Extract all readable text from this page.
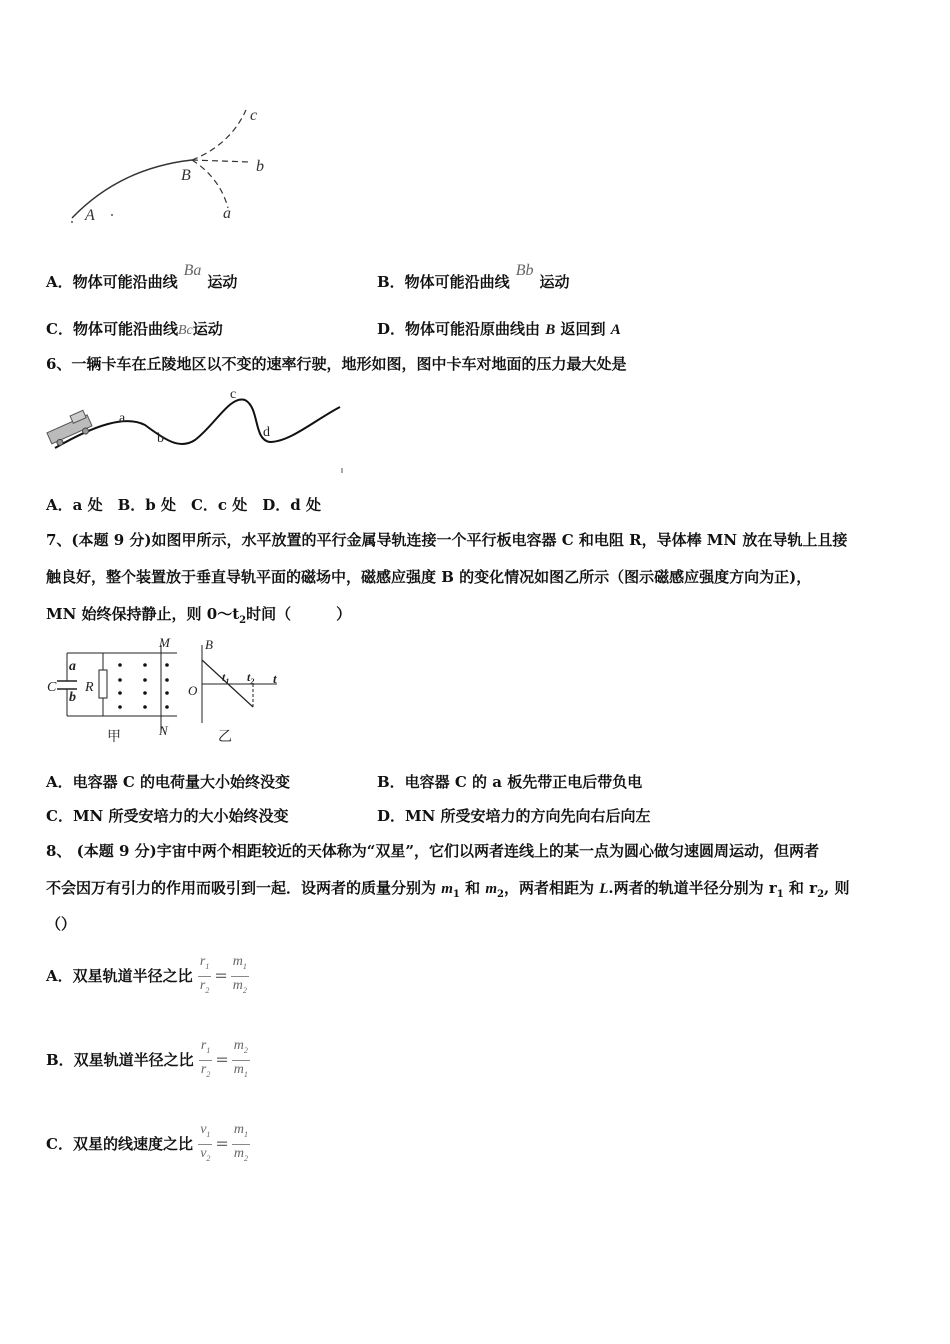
c
b
B
a
A
A．物体可能沿曲线Ba运动	B．物体可能沿曲线Bb运动
C．物体可能沿曲线Bc运动	D．物体可能沿原曲线由 B 返回到 A
6、一辆卡车在丘陵地区以不变的速率行驶，地形如图，图中卡车对地面的压力最大处是
a
b
c
d
A．a 处　B．b 处　C．c 处　D．d 处
7、(本题 9 分)如图甲所示，水平放置的平行金属导轨连接一个平行板电容器 C 和电阻 R，导体棒 MN 放在导轨上且接
触良好，整个装置放于垂直导轨平面的磁场中，磁感应强度 B 的变化情况如图乙所示（图示磁感应强度方向为正)，
MN 始终保持静止，则 $0\sim t_2$时间（　　　）
a
b
C R
M
N
甲
B
O
$t_1$ $t_2$ t
乙
A．电容器 C 的电荷量大小始终没变	B．电容器 C 的 a 板先带正电后带负电
C．MN 所受安培力的大小始终没变	D．MN 所受安培力的方向先向右后向左
8、 (本题 9 分)宇宙中两个相距较近的天体称为“双星”，它们以两者连线上的某一点为圆心做匀速圆周运动，但两者
不会因万有引力的作用而吸引到一起．设两者的质量分别为 $m_1$ 和 $m_2$，两者相距为 L.两者的轨道半径分别为 $r_1$ 和 $r_2$, 则
（）
A．双星轨道半径之比 $\frac{r_1}{r_2} = \frac{m_1}{m_2}$
B．双星轨道半径之比 $\frac{r_1}{r_2} = \frac{m_2}{m_1}$
C．双星的线速度之比 $\frac{v_1}{v_2} = \frac{m_1}{m_2}$
